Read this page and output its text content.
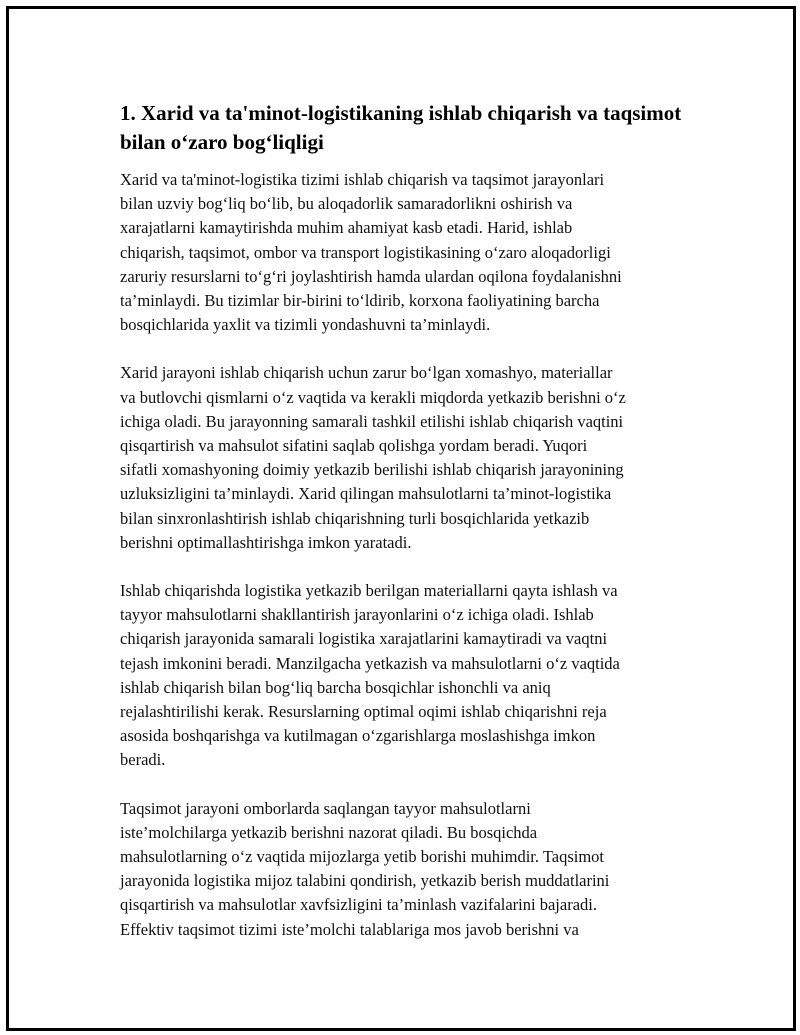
1. Xarid va ta'minot-logistikaning ishlab chiqarish va taqsimot
bilan o‘zaro bog‘liqligi

Xarid va ta'minot-logistika tizimi ishlab chiqarish va taqsimot jarayonlari
bilan uzviy bog‘liq bo‘lib, bu aloqadorlik samaradorlikni oshirish va
xarajatlarni kamaytirishda muhim ahamiyat kasb etadi. Harid, ishlab
chiqarish, taqsimot, ombor va transport logistikasining o‘zaro aloqadorligi
zaruriy resurslarni to‘g‘ri joylashtirish hamda ulardan oqilona foydalanishni
ta’minlaydi. Bu tizimlar bir-birini to‘ldirib, korxona faoliyatining barcha
bosqichlarida yaxlit va tizimli yondashuvni ta’minlaydi.

Xarid jarayoni ishlab chiqarish uchun zarur bo‘lgan xomashyo, materiallar
va butlovchi qismlarni o‘z vaqtida va kerakli miqdorda yetkazib berishni o‘z
ichiga oladi. Bu jarayonning samarali tashkil etilishi ishlab chiqarish vaqtini
qisqartirish va mahsulot sifatini saqlab qolishga yordam beradi. Yuqori
sifatli xomashyoning doimiy yetkazib berilishi ishlab chiqarish jarayonining
uzluksizligini ta’minlaydi. Xarid qilingan mahsulotlarni ta’minot-logistika
bilan sinxronlashtirish ishlab chiqarishning turli bosqichlarida yetkazib
berishni optimallashtirishga imkon yaratadi.

Ishlab chiqarishda logistika yetkazib berilgan materiallarni qayta ishlash va
tayyor mahsulotlarni shakllantirish jarayonlarini o‘z ichiga oladi. Ishlab
chiqarish jarayonida samarali logistika xarajatlarini kamaytiradi va vaqtni
tejash imkonini beradi. Manzilgacha yetkazish va mahsulotlarni o‘z vaqtida
ishlab chiqarish bilan bog‘liq barcha bosqichlar ishonchli va aniq
rejalashtirilishi kerak. Resurslarning optimal oqimi ishlab chiqarishni reja
asosida boshqarishga va kutilmagan o‘zgarishlarga moslashishga imkon
beradi.

Taqsimot jarayoni omborlarda saqlangan tayyor mahsulotlarni
iste’molchilarga yetkazib berishni nazorat qiladi. Bu bosqichda
mahsulotlarning o‘z vaqtida mijozlarga yetib borishi muhimdir. Taqsimot
jarayonida logistika mijoz talabini qondirish, yetkazib berish muddatlarini
qisqartirish va mahsulotlar xavfsizligini ta’minlash vazifalarini bajaradi.
Effektiv taqsimot tizimi iste’molchi talablariga mos javob berishni va
